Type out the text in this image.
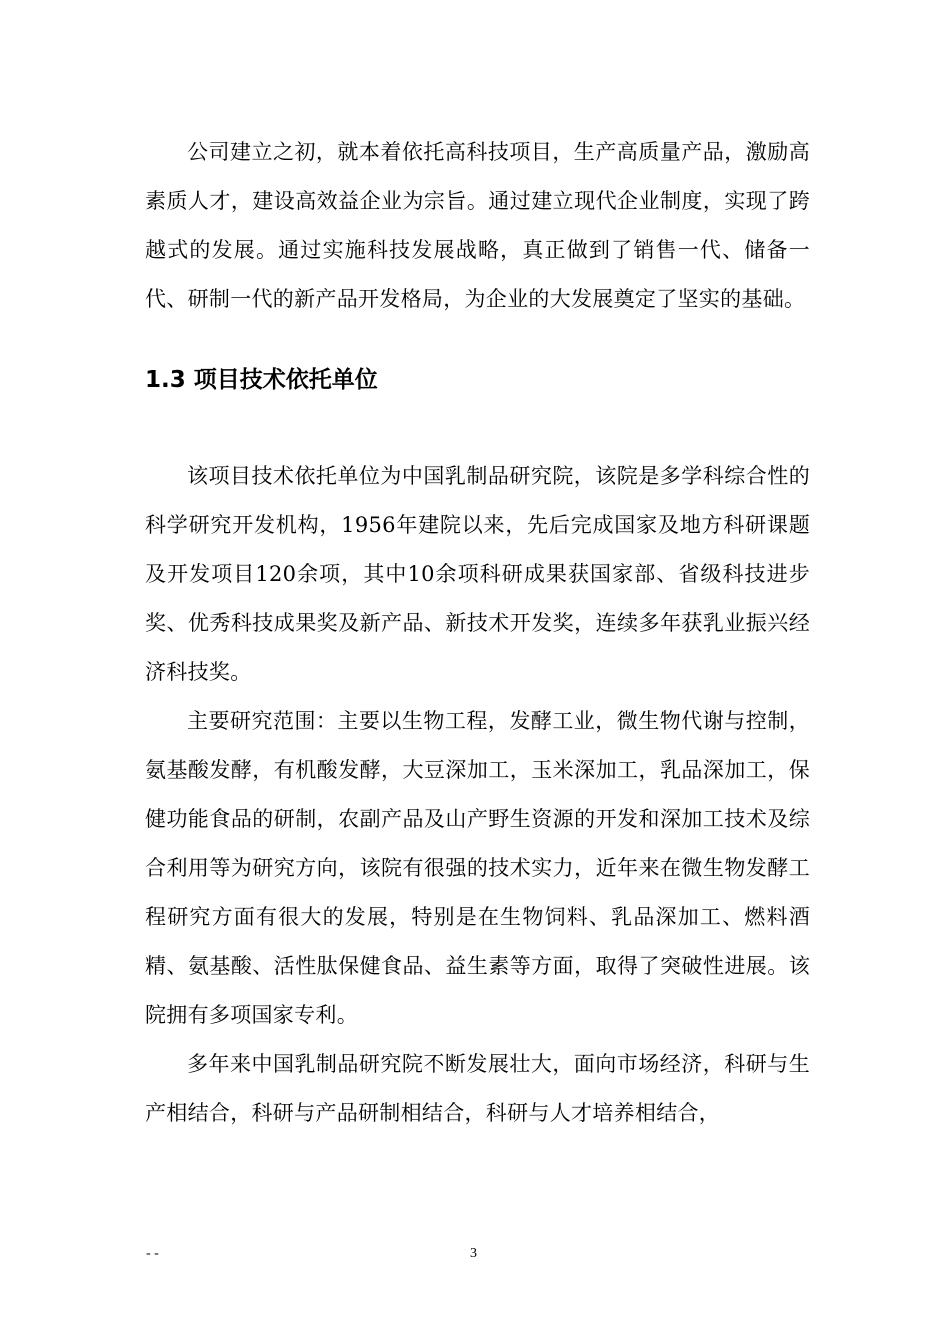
公司建立之初，就本着依托高科技项目，生产高质量产品，激励高素质人才，建设高效益企业为宗旨。通过建立现代企业制度，实现了跨越式的发展。通过实施科技发展战略，真正做到了销售一代、储备一代、研制一代的新产品开发格局，为企业的大发展奠定了坚实的基础。

1.3 项目技术依托单位

该项目技术依托单位为中国乳制品研究院，该院是多学科综合性的科学研究开发机构，1956年建院以来，先后完成国家及地方科研课题及开发项目120余项，其中10余项科研成果获国家部、省级科技进步奖、优秀科技成果奖及新产品、新技术开发奖，连续多年获乳业振兴经济科技奖。

主要研究范围：主要以生物工程，发酵工业，微生物代谢与控制，氨基酸发酵，有机酸发酵，大豆深加工，玉米深加工，乳品深加工，保健功能食品的研制，农副产品及山产野生资源的开发和深加工技术及综合利用等为研究方向，该院有很强的技术实力，近年来在微生物发酵工程研究方面有很大的发展，特别是在生物饲料、乳品深加工、燃料酒精、氨基酸、活性肽保健食品、益生素等方面，取得了突破性进展。该院拥有多项国家专利。

多年来中国乳制品研究院不断发展壮大，面向市场经济，科研与生产相结合，科研与产品研制相结合，科研与人才培养相结合，

- -	3
